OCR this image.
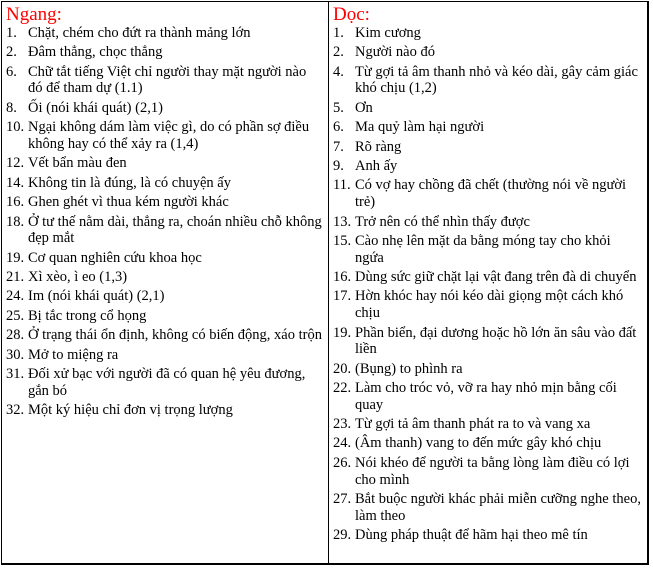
Ngang:
1. Chặt, chém cho đứt ra thành mảng lớn
2. Đâm thẳng, chọc thẳng
6. Chữ tắt tiếng Việt chỉ người thay mặt người nào đó để tham dự (1.1)
8. Ối (nói khái quát) (2,1)
10. Ngại không dám làm việc gì, do có phần sợ điều không hay có thể xảy ra (1,4)
12. Vết bẩn màu đen
14. Không tin là đúng, là có chuyện ấy
16. Ghen ghét vì thua kém người khác
18. Ở tư thế nằm dài, thẳng ra, choán nhiều chỗ không đẹp mắt
19. Cơ quan nghiên cứu khoa học
21. Xì xèo, ì eo (1,3)
24. Im (nói khái quát) (2,1)
25. Bị tắc trong cổ họng
28. Ở trạng thái ổn định, không có biến động, xáo trộn
30. Mở to miệng ra
31. Đối xử bạc với người đã có quan hệ yêu đương, gắn bó
32. Một ký hiệu chỉ đơn vị trọng lượng
Dọc:
1. Kim cương
2. Người nào đó
4. Từ gợi tả âm thanh nhỏ và kéo dài, gây cảm giác khó chịu (1,2)
5. Ơn
6. Ma quỷ làm hại người
7. Rõ ràng
9. Anh ấy
11. Có vợ hay chồng đã chết (thường nói về người trẻ)
13. Trở nên có thể nhìn thấy được
15. Cào nhẹ lên mặt da bằng móng tay cho khỏi ngứa
16. Dùng sức giữ chặt lại vật đang trên đà di chuyển
17. Hờn khóc hay nói kéo dài giọng một cách khó chịu
19. Phần biển, đại dương hoặc hồ lớn ăn sâu vào đất liền
20. (Bụng) to phình ra
22. Làm cho tróc vỏ, vỡ ra hay nhỏ mịn bằng cối quay
23. Từ gợi tả âm thanh phát ra to và vang xa
24. (Âm thanh) vang to đến mức gây khó chịu
26. Nói khéo để người ta bằng lòng làm điều có lợi cho mình
27. Bắt buộc người khác phải miễn cưỡng nghe theo, làm theo
29. Dùng pháp thuật để hãm hại theo mê tín
